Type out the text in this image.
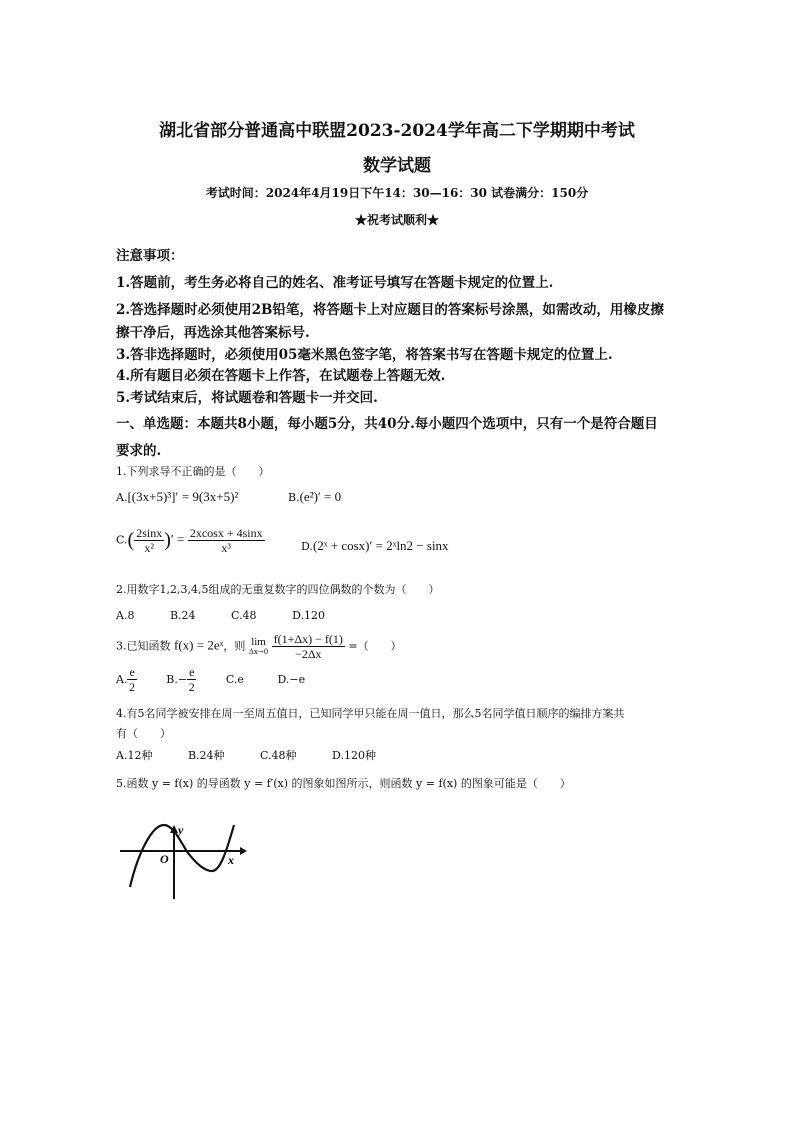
湖北省部分普通高中联盟2023-2024学年高二下学期期中考试
数学试题
考试时间：2024年4月19日下午14：30—16：30 试卷满分：150分
★祝考试顺利★
注意事项：
1.答题前，考生务必将自己的姓名、准考证号填写在答题卡规定的位置上.
2.答选择题时必须使用2B铅笔，将答题卡上对应题目的答案标号涂黑，如需改动，用橡皮擦
擦干净后，再选涂其他答案标号.
3.答非选择题时，必须使用05毫米黑色签字笔，将答案书写在答题卡规定的位置上.
4.所有题目必须在答题卡上作答，在试题卷上答题无效.
5.考试结束后，将试题卷和答题卡一并交回.
一、单选题：本题共8小题，每小题5分，共40分.每小题四个选项中，只有一个是符合题目
要求的.
1.下列求导不正确的是（　　）
A.[(3x+5)³]′ = 9(3x+5)²	B.(e²)′ = 0
$C.( \frac{2\sin x}{\text{x²}}$ )′ = $\frac{2xcosx + 4\sin x}{\text{x³}}$	D.(2ˣ + cosx)′ = 2ˣln2 − sinx
2.用数字1,2,3,4,5组成的无重复数字的四位偶数的个数为（　　）
A.8	B.24	C.48	D.120
3.已知函数 f(x) = 2eˣ，则 lim
Δx→0
$\frac{f(1+\Delta x) - f(1)}{-2\Delta x}$ =（　　）
A. $\frac{e}{2}$	$B.- \frac{e}{2}$	C.e	D.−e
4.有5名同学被安排在周一至周五值日，已知同学甲只能在周一值日，那么5名同学值日顺序的编排方案共
有（　　）
A.12种	B.24种	C.48种	D.120种
5.函数 y = f(x) 的导函数 y = f′(x) 的图象如图所示，则函数 y = f(x) 的图象可能是（　　）
y
O	x
